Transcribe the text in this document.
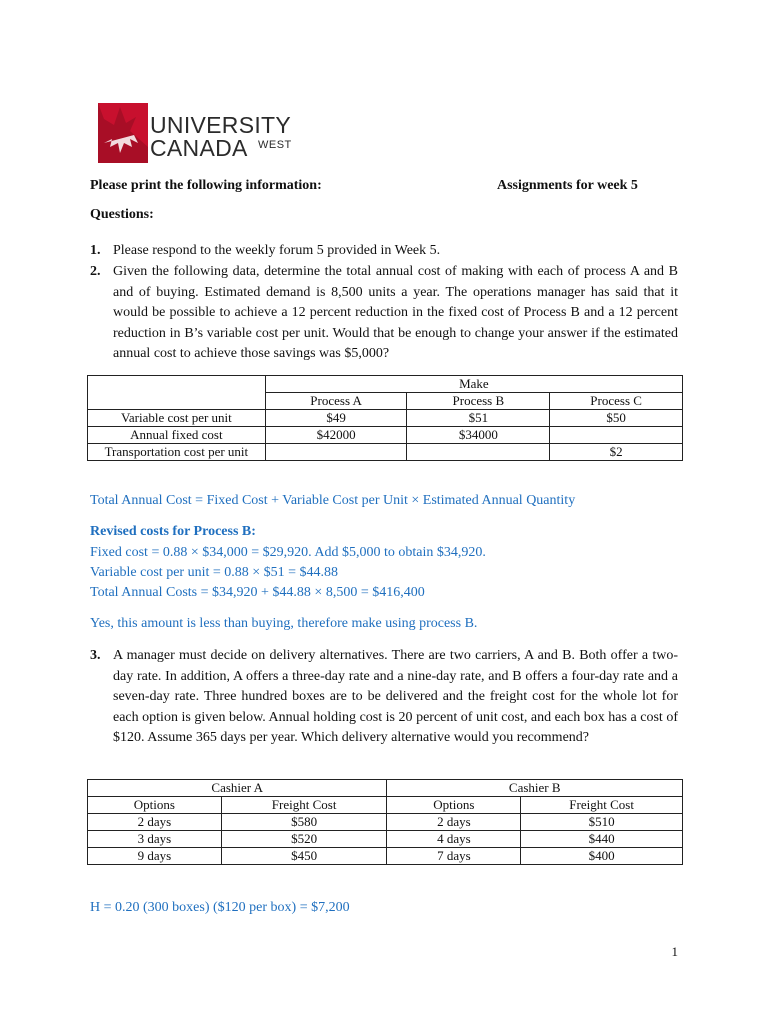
UNIVERSITY
CANADA WEST
Please print the following information:	Assignments for week 5
Questions:
1. Please respond to the weekly forum 5 provided in Week 5.
2. Given the following data, determine the total annual cost of making with each of process A and B and of buying. Estimated demand is 8,500 units a year. The operations manager has said that it would be possible to achieve a 12 percent reduction in the fixed cost of Process B and a 12 percent reduction in B’s variable cost per unit. Would that be enough to change your answer if the estimated annual cost to achieve those savings was $5,000?
	Make		
	Process A	Process B	Process C
Variable cost per unit	$49	$51	$50
Annual fixed cost	$42000	$34000	
Transportation cost per unit			$2
Total Annual Cost = Fixed Cost + Variable Cost per Unit × Estimated Annual Quantity
Revised costs for Process B:
Fixed cost = 0.88 × $34,000 = $29,920. Add $5,000 to obtain $34,920.
Variable cost per unit = 0.88 × $51 = $44.88
Total Annual Costs = $34,920 + $44.88 × 8,500 = $416,400
Yes, this amount is less than buying, therefore make using process B.
3. A manager must decide on delivery alternatives. There are two carriers, A and B. Both offer a two-day rate. In addition, A offers a three-day rate and a nine-day rate, and B offers a four-day rate and a seven-day rate. Three hundred boxes are to be delivered and the freight cost for the whole lot for each option is given below. Annual holding cost is 20 percent of unit cost, and each box has a cost of $120. Assume 365 days per year. Which delivery alternative would you recommend?
Cashier A		Cashier B	
Options	Freight Cost	Options	Freight Cost
2 days	$580	2 days	$510
3 days	$520	4 days	$440
9 days	$450	7 days	$400
H = 0.20 (300 boxes) ($120 per box) = $7,200
1
